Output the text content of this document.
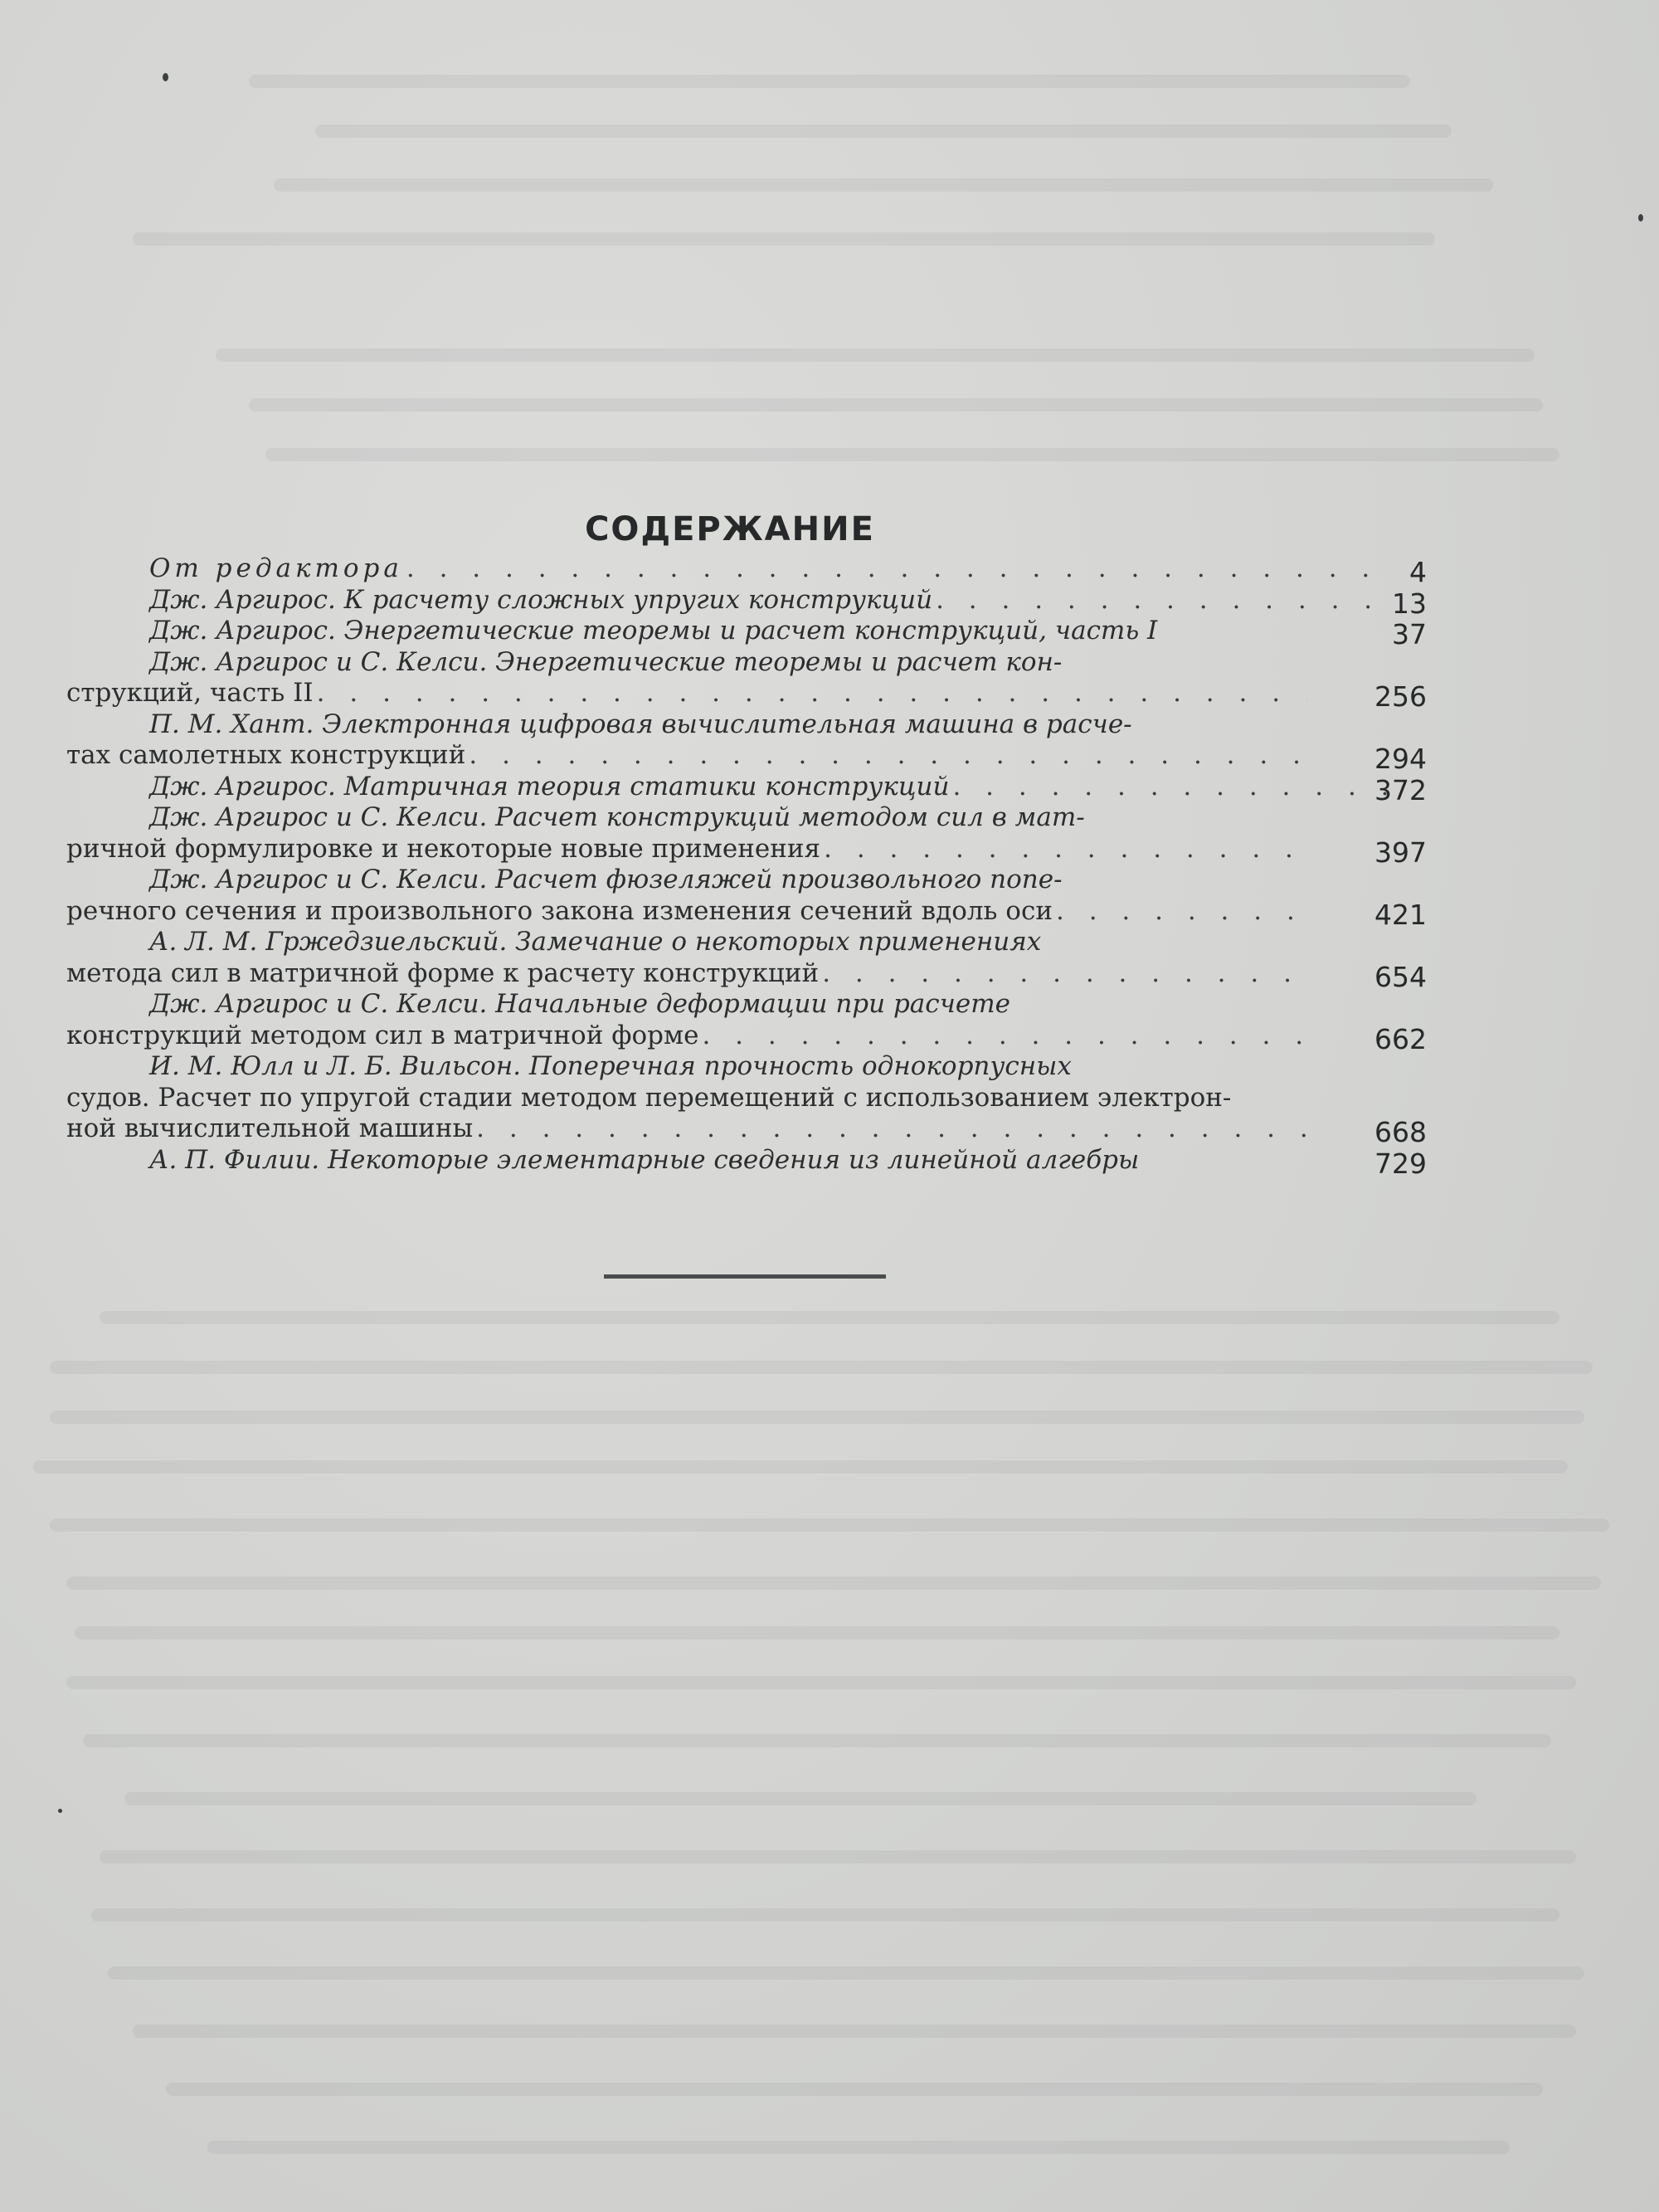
СОДЕРЖАНИЕ
От редактора . . .	4
Дж. Аргирос. К расчету сложных упругих конструкций . . .	13
Дж. Аргирос. Энергетические теоремы и расчет конструкций, часть I	37
Дж. Аргирос и С. Келси. Энергетические теоремы и расчет кон-
струкций, часть II . . .	256
П. М. Хант. Электронная цифровая вычислительная машина в расче-
тах самолетных конструкций . . .	294
Дж. Аргирос. Матричная теория статики конструкций . . .	372
Дж. Аргирос и С. Келси. Расчет конструкций методом сил в мат-
ричной формулировке и некоторые новые применения . . .	397
Дж. Аргирос и С. Келси. Расчет фюзеляжей произвольного попе-
речного сечения и произвольного закона изменения сечений вдоль оси . . .	421
А. Л. М. Гржедзиельский. Замечание о некоторых применениях
метода сил в матричной форме к расчету конструкций . . .	654
Дж. Аргирос и С. Келси. Начальные деформации при расчете
конструкций методом сил в матричной форме . . .	662
И. М. Юлл и Л. Б. Вильсон. Поперечная прочность однокорпусных
судов. Расчет по упругой стадии методом перемещений с использованием электрон-
ной вычислительной машины . . .	668
А. П. Филии. Некоторые элементарные сведения из линейной алгебры	729
